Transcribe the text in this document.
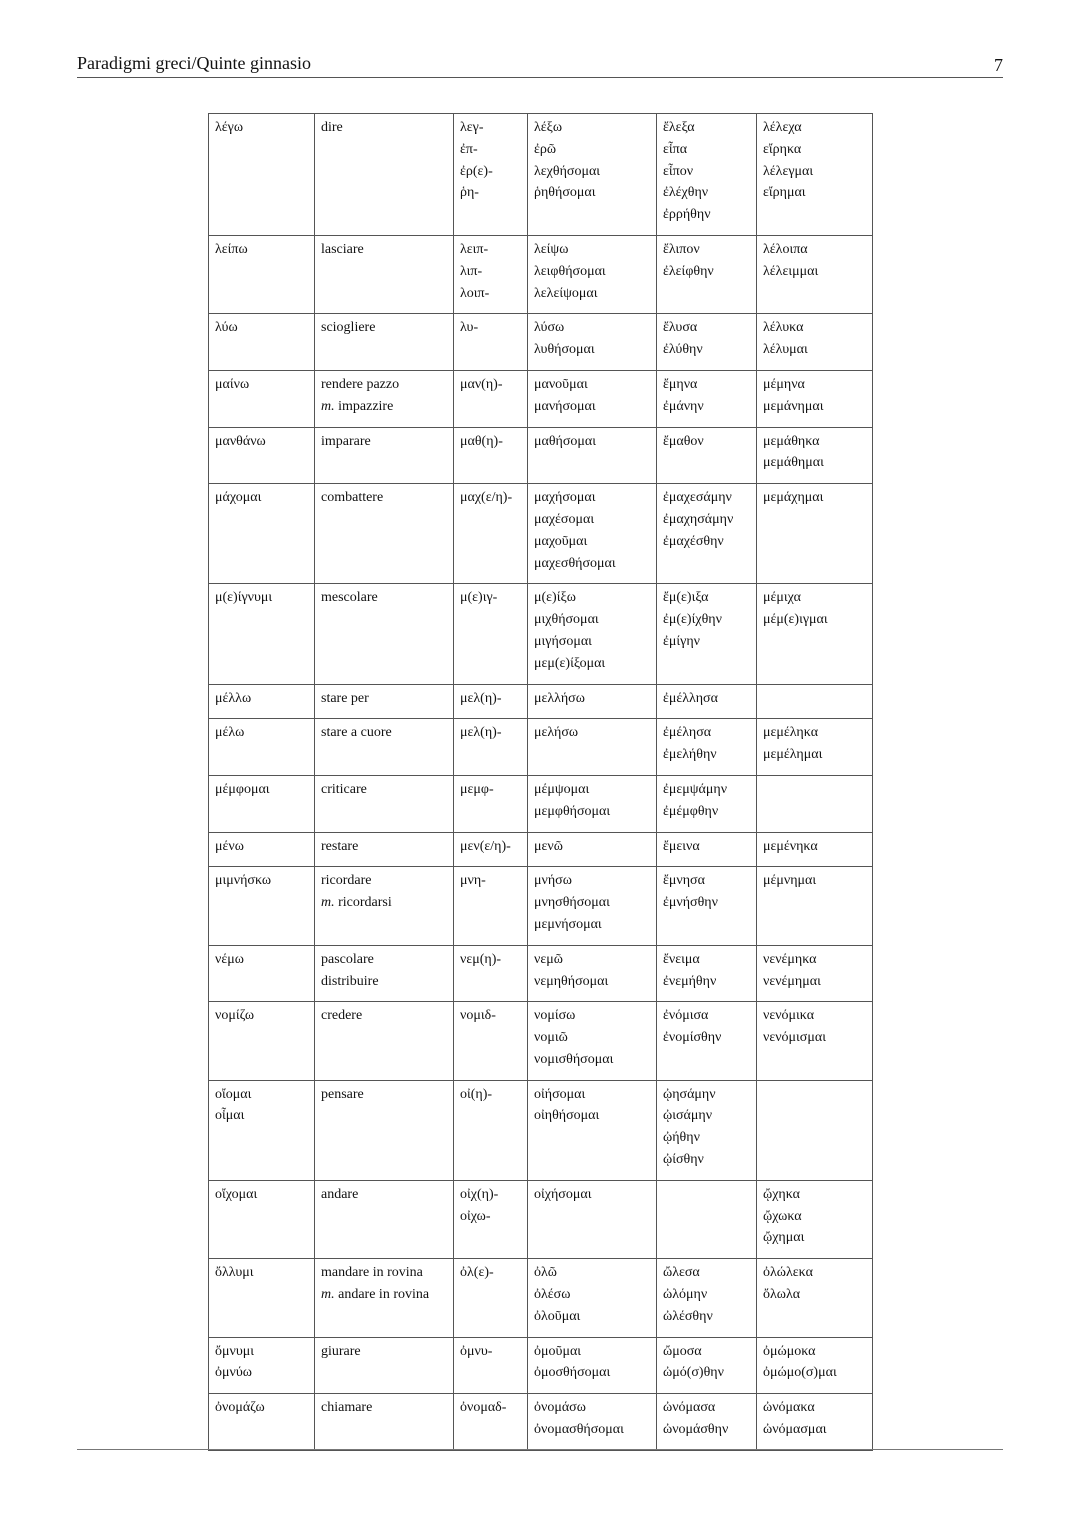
Paradigmi greci/Quinte ginnasio	7
λέγω	dire	λεγ-
ἐπ-
ἐρ(ε)-
ῥη-	λέξω
ἐρῶ
λεχθήσομαι
ῥηθήσομαι	ἔλεξα
εἶπα
εἶπον
ἐλέχθην
ἐρρήθην	λέλεχα
εἴρηκα
λέλεγμαι
εἴρημαι

λείπω	lasciare	λειπ-
λιπ-
λοιπ-	λείψω
λειφθήσομαι
λελείψομαι	ἔλιπον
ἐλείφθην	λέλοιπα
λέλειμμαι

λύω	sciogliere	λυ-	λύσω
λυθήσομαι	ἔλυσα
ἐλύθην	λέλυκα
λέλυμαι

μαίνω	rendere pazzo
m. impazzire	μαν(η)-	μανοῦμαι
μανήσομαι	ἔμηνα
ἐμάνην	μέμηνα
μεμάνημαι

μανθάνω	imparare	μαθ(η)-	μαθήσομαι	ἔμαθον	μεμάθηκα
μεμάθημαι

μάχομαι	combattere	μαχ(ε/η)-	μαχήσομαι
μαχέσομαι
μαχοῦμαι
μαχεσθήσομαι	ἐμαχεσάμην
ἐμαχησάμην
ἐμαχέσθην	μεμάχημαι

μ(ε)ίγνυμι	mescolare	μ(ε)ιγ-	μ(ε)ίξω
μιχθήσομαι
μιγήσομαι
μεμ(ε)ίξομαι	ἔμ(ε)ιξα
ἐμ(ε)ίχθην
ἐμίγην	μέμιχα
μέμ(ε)ιγμαι

μέλλω	stare per	μελ(η)-	μελλήσω	ἐμέλλησα	

μέλω	stare a cuore	μελ(η)-	μελήσω	ἐμέλησα
ἐμελήθην	μεμέληκα
μεμέλημαι

μέμφομαι	criticare	μεμφ-	μέμψομαι
μεμφθήσομαι	ἐμεμψάμην
ἐμέμφθην	

μένω	restare	μεν(ε/η)-	μενῶ	ἔμεινα	μεμένηκα

μιμνήσκω	ricordare
m. ricordarsi	μνη-	μνήσω
μνησθήσομαι
μεμνήσομαι	ἔμνησα
ἐμνήσθην	μέμνημαι

νέμω	pascolare
distribuire	νεμ(η)-	νεμῶ
νεμηθήσομαι	ἔνειμα
ἐνεμήθην	νενέμηκα
νενέμημαι

νομίζω	credere	νομιδ-	νομίσω
νομιῶ
νομισθήσομαι	ἐνόμισα
ἐνομίσθην	νενόμικα
νενόμισμαι

οἴομαι
οἶμαι	pensare	οἰ(η)-	οἰήσομαι
οἰηθήσομαι	ᾠησάμην
ᾠισάμην
ᾠήθην
ᾠίσθην	

οἴχομαι	andare	οἰχ(η)-
οἰχω-	οἰχήσομαι		ᾤχηκα
ᾤχωκα
ᾤχημαι

ὄλλυμι	mandare in rovina
m. andare in rovina	ὀλ(ε)-	ὀλῶ
ὀλέσω
ὀλοῦμαι	ὤλεσα
ὠλόμην
ὠλέσθην	ὀλώλεκα
ὄλωλα

ὄμνυμι
ὀμνύω	giurare	ὀμνυ-	ὀμοῦμαι
ὀμοσθήσομαι	ὤμοσα
ὠμό(σ)θην	ὀμώμοκα
ὀμώμο(σ)μαι

ὀνομάζω	chiamare	ὀνομαδ-	ὀνομάσω
ὀνομασθήσομαι	ὠνόμασα
ὠνομάσθην	ὠνόμακα
ὠνόμασμαι
